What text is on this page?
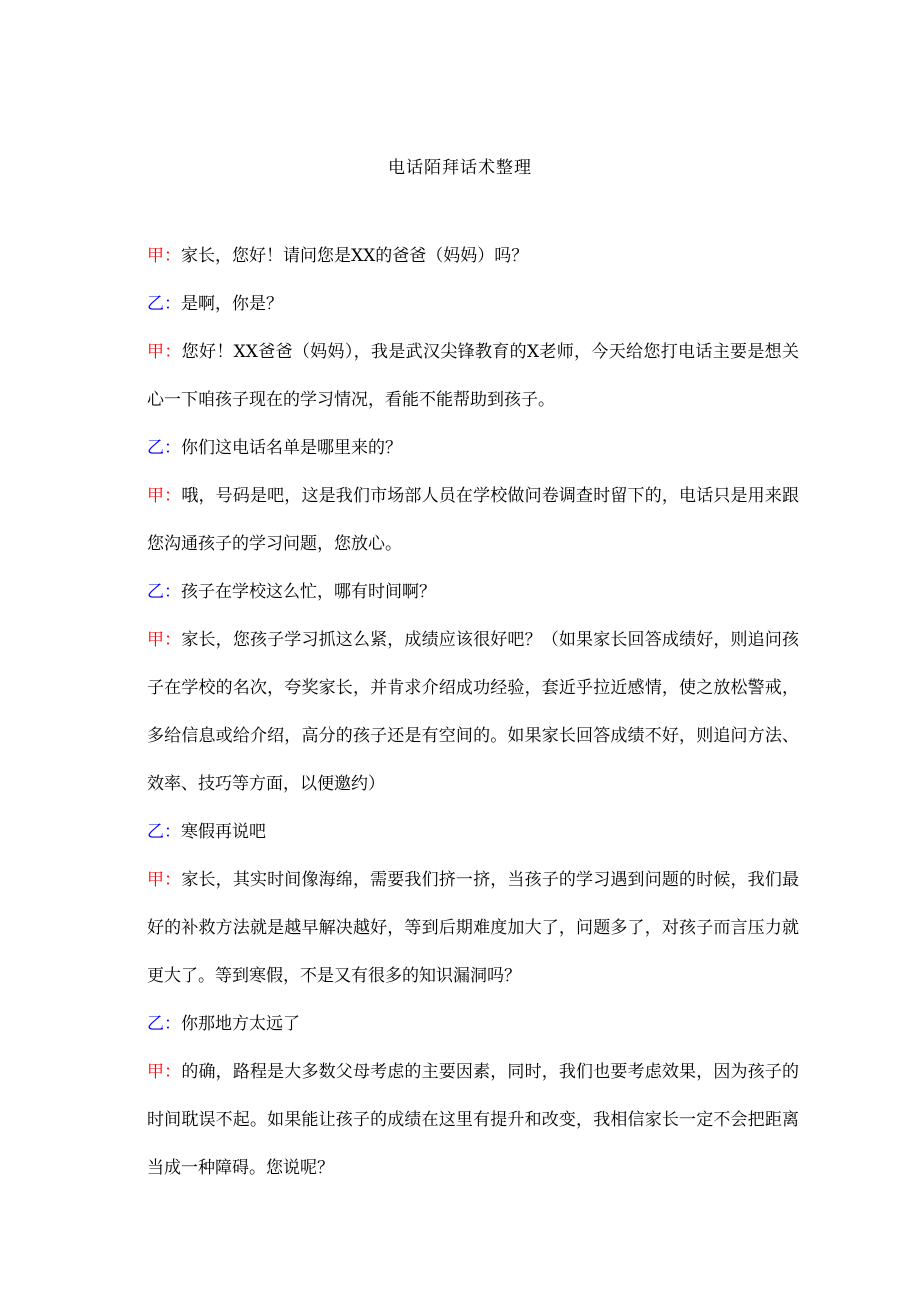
电话陌拜话术整理

甲：家长，您好！请问您是XX的爸爸（妈妈）吗？

乙：是啊，你是？

甲：您好！XX爸爸（妈妈），我是武汉尖锋教育的X老师，今天给您打电话主要是想关心一下咱孩子现在的学习情况，看能不能帮助到孩子。

乙：你们这电话名单是哪里来的？

甲：哦，号码是吧，这是我们市场部人员在学校做问卷调查时留下的，电话只是用来跟您沟通孩子的学习问题，您放心。

乙：孩子在学校这么忙，哪有时间啊？

甲：家长，您孩子学习抓这么紧，成绩应该很好吧？（如果家长回答成绩好，则追问孩子在学校的名次，夸奖家长，并肯求介绍成功经验，套近乎拉近感情，使之放松警戒，多给信息或给介绍，高分的孩子还是有空间的。如果家长回答成绩不好，则追问方法、效率、技巧等方面，以便邀约）

乙：寒假再说吧

甲：家长，其实时间像海绵，需要我们挤一挤，当孩子的学习遇到问题的时候，我们最好的补救方法就是越早解决越好，等到后期难度加大了，问题多了，对孩子而言压力就更大了。等到寒假，不是又有很多的知识漏洞吗？

乙：你那地方太远了

甲：的确，路程是大多数父母考虑的主要因素，同时，我们也要考虑效果，因为孩子的时间耽误不起。如果能让孩子的成绩在这里有提升和改变，我相信家长一定不会把距离当成一种障碍。您说呢？
